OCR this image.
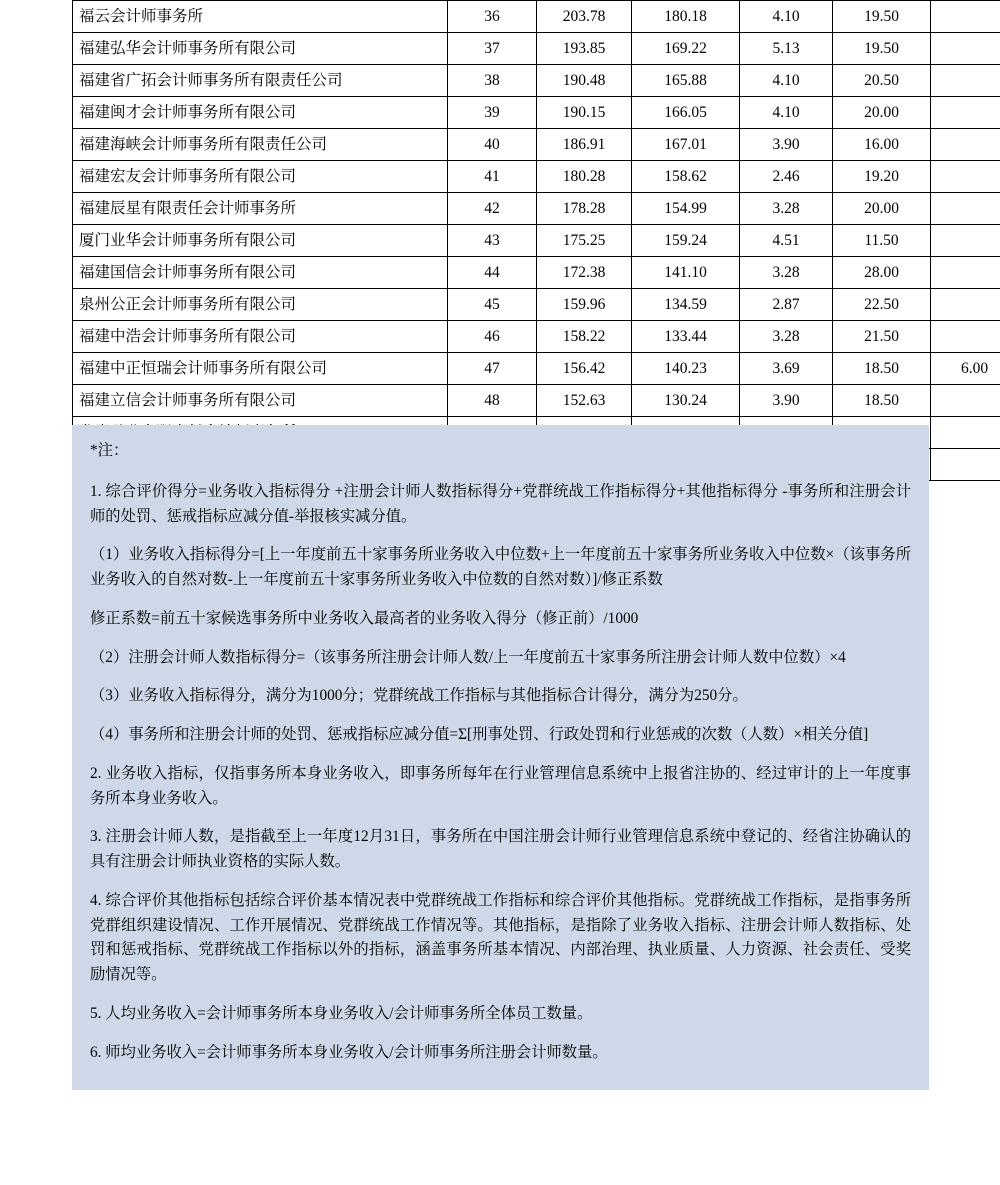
福云会计师事务所	36	203.78	180.18	4.10	19.50	
福建弘华会计师事务所有限公司	37	193.85	169.22	5.13	19.50	
福建省广拓会计师事务所有限责任公司	38	190.48	165.88	4.10	20.50	
福建闽才会计师事务所有限公司	39	190.15	166.05	4.10	20.00	
福建海峡会计师事务所有限责任公司	40	186.91	167.01	3.90	16.00	
福建宏友会计师事务所有限公司	41	180.28	158.62	2.46	19.20	
福建辰星有限责任会计师事务所	42	178.28	154.99	3.28	20.00	
厦门业华会计师事务所有限公司	43	175.25	159.24	4.51	11.50	
福建国信会计师事务所有限公司	44	172.38	141.10	3.28	28.00	
泉州公正会计师事务所有限公司	45	159.96	134.59	2.87	22.50	
福建中浩会计师事务所有限公司	46	158.22	133.44	3.28	21.50	
福建中正恒瑞会计师事务所有限公司	47	156.42	140.23	3.69	18.50	6.00
福建立信会计师事务所有限公司	48	152.63	130.24	3.90	18.50	

*注：

1. 综合评价得分=业务收入指标得分 +注册会计师人数指标得分+党群统战工作指标得分+其他指标得分 -事务所和注册会计师的处罚、惩戒指标应减分值-举报核实减分值。

（1）业务收入指标得分=[上一年度前五十家事务所业务收入中位数+上一年度前五十家事务所业务收入中位数×（该事务所业务收入的自然对数-上一年度前五十家事务所业务收入中位数的自然对数）]/修正系数

修正系数=前五十家候选事务所中业务收入最高者的业务收入得分（修正前）/1000

（2）注册会计师人数指标得分=（该事务所注册会计师人数/上一年度前五十家事务所注册会计师人数中位数）×4

（3）业务收入指标得分，满分为1000分；党群统战工作指标与其他指标合计得分，满分为250分。

（4）事务所和注册会计师的处罚、惩戒指标应减分值=Σ[刑事处罚、行政处罚和行业惩戒的次数（人数）×相关分值]

2. 业务收入指标，仅指事务所本身业务收入，即事务所每年在行业管理信息系统中上报省注协的、经过审计的上一年度事务所本身业务收入。

3. 注册会计师人数，是指截至上一年度12月31日，事务所在中国注册会计师行业管理信息系统中登记的、经省注协确认的具有注册会计师执业资格的实际人数。

4. 综合评价其他指标包括综合评价基本情况表中党群统战工作指标和综合评价其他指标。党群统战工作指标，是指事务所党群组织建设情况、工作开展情况、党群统战工作情况等。其他指标，是指除了业务收入指标、注册会计师人数指标、处罚和惩戒指标、党群统战工作指标以外的指标，涵盖事务所基本情况、内部治理、执业质量、人力资源、社会责任、受奖励情况等。

5. 人均业务收入=会计师事务所本身业务收入/会计师事务所全体员工数量。

6. 师均业务收入=会计师事务所本身业务收入/会计师事务所注册会计师数量。
